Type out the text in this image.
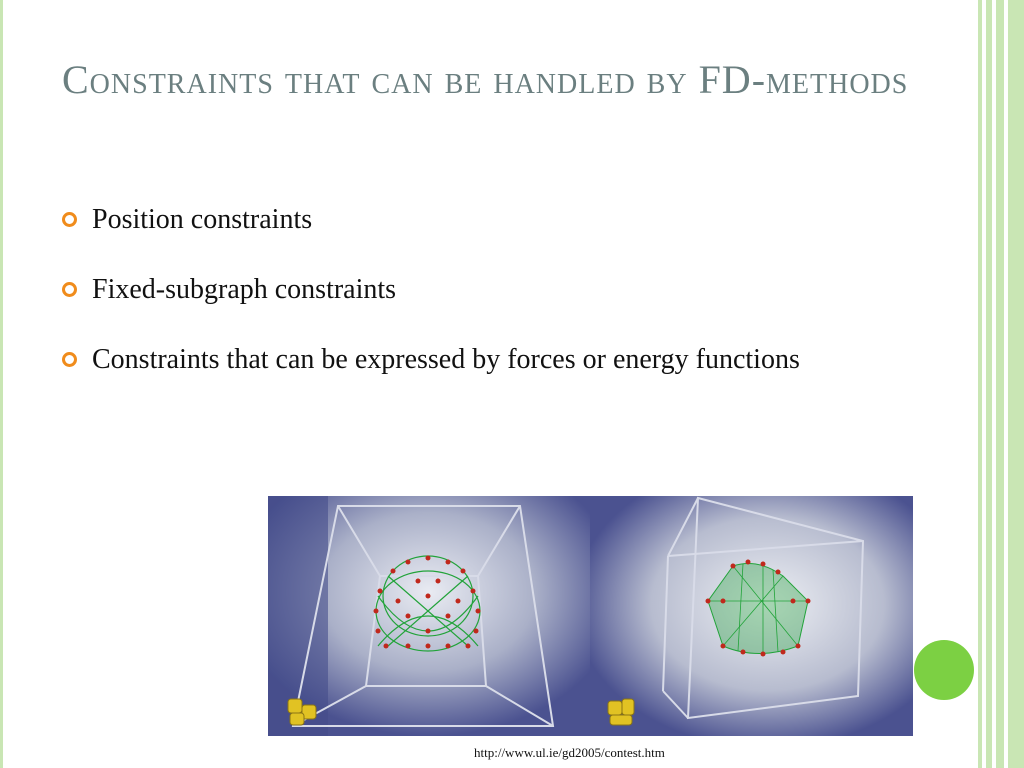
Constraints that can be handled by FD-methods
Position constraints
Fixed-subgraph constraints
Constraints that can be expressed by forces or energy functions
http://www.ul.ie/gd2005/contest.htm
